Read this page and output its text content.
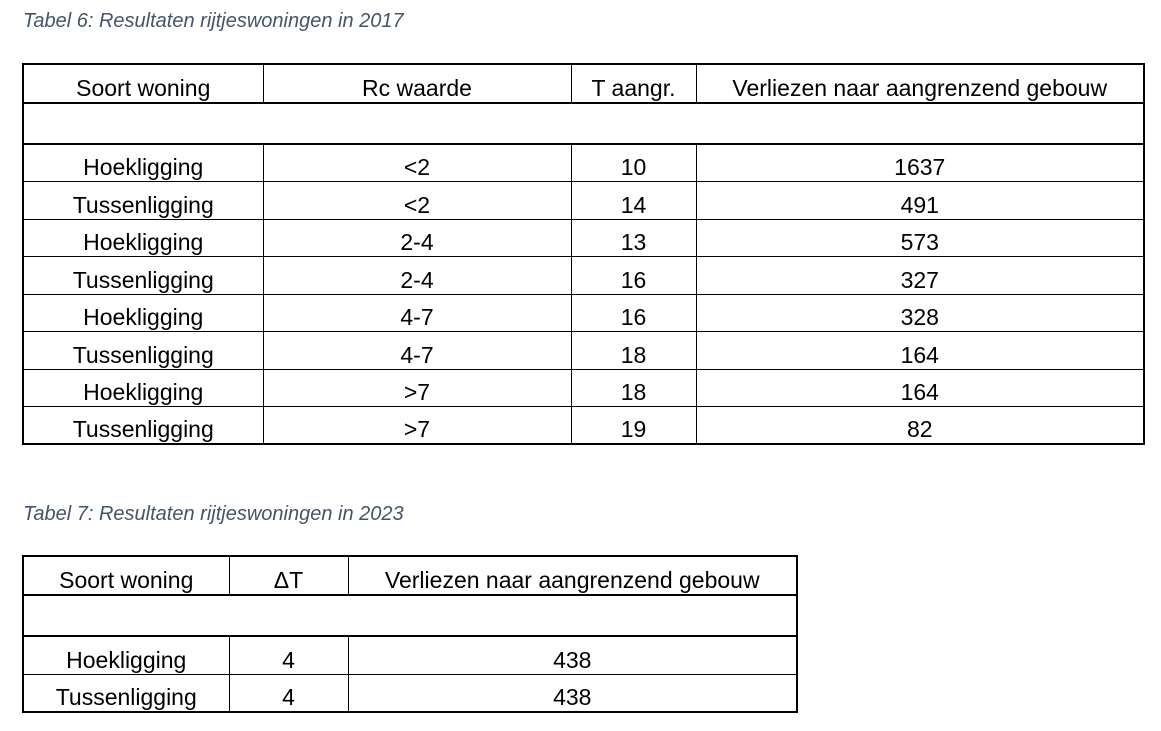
Tabel 6: Resultaten rijtjeswoningen in 2017
Soort woning	Rc waarde	T aangr.	Verliezen naar aangrenzend gebouw

Hoekligging	<2	10	1637
Tussenligging	<2	14	491
Hoekligging	2-4	13	573
Tussenligging	2-4	16	327
Hoekligging	4-7	16	328
Tussenligging	4-7	18	164
Hoekligging	>7	18	164
Tussenligging	>7	19	82
Tabel 7: Resultaten rijtjeswoningen in 2023
Soort woning	ΔT	Verliezen naar aangrenzend gebouw

Hoekligging	4	438
Tussenligging	4	438
